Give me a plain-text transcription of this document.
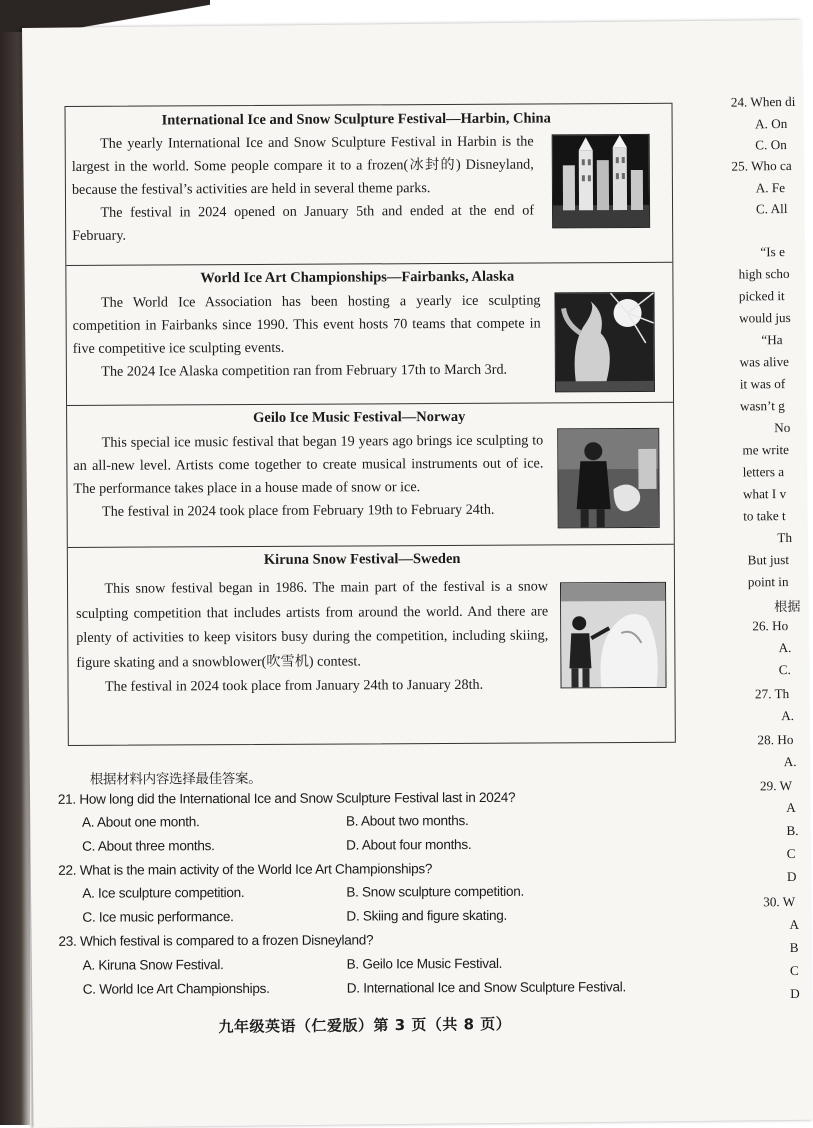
International Ice and Snow Sculpture Festival—Harbin, China

The yearly International Ice and Snow Sculpture Festival in Harbin is the largest in the world. Some people compare it to a frozen(冰封的) Disneyland, because the festival’s activities are held in several theme parks.

The festival in 2024 opened on January 5th and ended at the end of February.

World Ice Art Championships—Fairbanks, Alaska

The World Ice Association has been hosting a yearly ice sculpting competition in Fairbanks since 1990. This event hosts 70 teams that compete in five competitive ice sculpting events.

The 2024 Ice Alaska competition ran from February 17th to March 3rd.

Geilo Ice Music Festival—Norway

This special ice music festival that began 19 years ago brings ice sculpting to an all-new level. Artists come together to create musical instruments out of ice. The performance takes place in a house made of snow or ice.

The festival in 2024 took place from February 19th to February 24th.

Kiruna Snow Festival—Sweden

This snow festival began in 1986. The main part of the festival is a snow sculpting competition that includes artists from around the world. And there are plenty of activities to keep visitors busy during the competition, including skiing, figure skating and a snowblower(吹雪机) contest.

The festival in 2024 took place from January 24th to January 28th.

根据材料内容选择最佳答案。
21. How long did the International Ice and Snow Sculpture Festival last in 2024?
A. About one month.	B. About two months.
C. About three months.	D. About four months.
22. What is the main activity of the World Ice Art Championships?
A. Ice sculpture competition.	B. Snow sculpture competition.
C. Ice music performance.	D. Skiing and figure skating.
23. Which festival is compared to a frozen Disneyland?
A. Kiruna Snow Festival.	B. Geilo Ice Music Festival.
C. World Ice Art Championships.	D. International Ice and Snow Sculpture Festival.
九年级英语（仁爱版）第 3 页（共 8 页）
24. When di
A. On
C. On
25. Who ca
A. Fe
C. All
“Is e
high scho
picked it
would jus
“Ha
was alive
it was of
wasn’t g
No
me write
letters a
what I v
to take t
Th
But just
point in
根据
26. Ho
A.
C.
27. Th
A.
28. Ho
A.
29. W
A
B.
C
D
30. W
A
B
C
D
